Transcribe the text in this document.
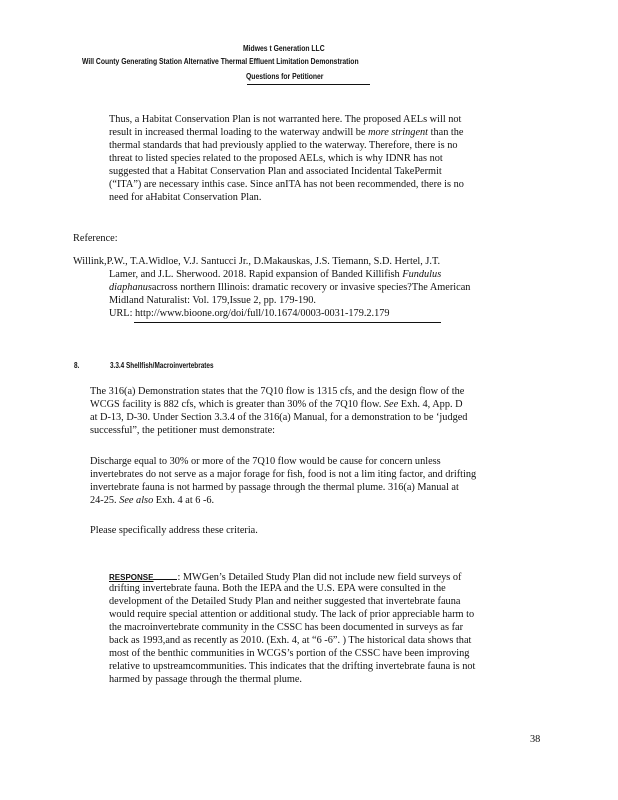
Midwes t Generation LLC
Will County Generating Station Alternative Thermal Effluent Limitation Demonstration
Questions for Petitioner
Thus, a Habitat Conservation Plan is not warranted here. The proposed AELs will not
result in increased thermal loading to the waterway andwill be more stringent than the
thermal standards that had previously applied to the waterway. Therefore, there is no
threat to listed species related to the proposed AELs, which is why IDNR has not
suggested that a Habitat Conservation Plan and associated Incidental TakePermit
(“ITA”) are necessary inthis case. Since anITA has not been recommended, there is no
need for aHabitat Conservation Plan.
Reference:
Willink,P.W., T.A.Widloe, V.J. Santucci Jr., D.Makauskas, J.S. Tiemann, S.D. Hertel, J.T.
Lamer, and J.L. Sherwood. 2018. Rapid expansion of Banded Killifish Fundulus
diaphanusacross northern Illinois: dramatic recovery or invasive species?The American
Midland Naturalist: Vol. 179,Issue 2, pp. 179-190.
URL: http://www.bioone.org/doi/full/10.1674/0003-0031-179.2.179
8.	3.3.4 Shellfish/Macroinvertebrates
The 316(a) Demonstration states that the 7Q10 flow is 1315 cfs, and the design flow of the
WCGS facility is 882 cfs, which is greater than 30% of the 7Q10 flow. See Exh. 4, App. D
at D-13, D-30. Under Section 3.3.4 of the 316(a) Manual, for a demonstration to be ‘judged
successful”, the petitioner must demonstrate:
Discharge equal to 30% or more of the 7Q10 flow would be cause for concern unless
invertebrates do not serve as a major forage for fish, food is not a lim iting factor, and drifting
invertebrate fauna is not harmed by passage through the thermal plume. 316(a) Manual at
24-25. See also Exh. 4 at 6 -6.
Please specifically address these criteria.
RESPONSE : MWGen’s Detailed Study Plan did not include new field surveys of
drifting invertebrate fauna. Both the IEPA and the U.S. EPA were consulted in the
development of the Detailed Study Plan and neither suggested that invertebrate fauna
would require special attention or additional study. The lack of prior appreciable harm to
the macroinvertebrate community in the CSSC has been documented in surveys as far
back as 1993,and as recently as 2010. (Exh. 4, at “6 -6”. ) The historical data shows that
most of the benthic communities in WCGS’s portion of the CSSC have been improving
relative to upstreamcommunities. This indicates that the drifting invertebrate fauna is not
harmed by passage through the thermal plume.
38
